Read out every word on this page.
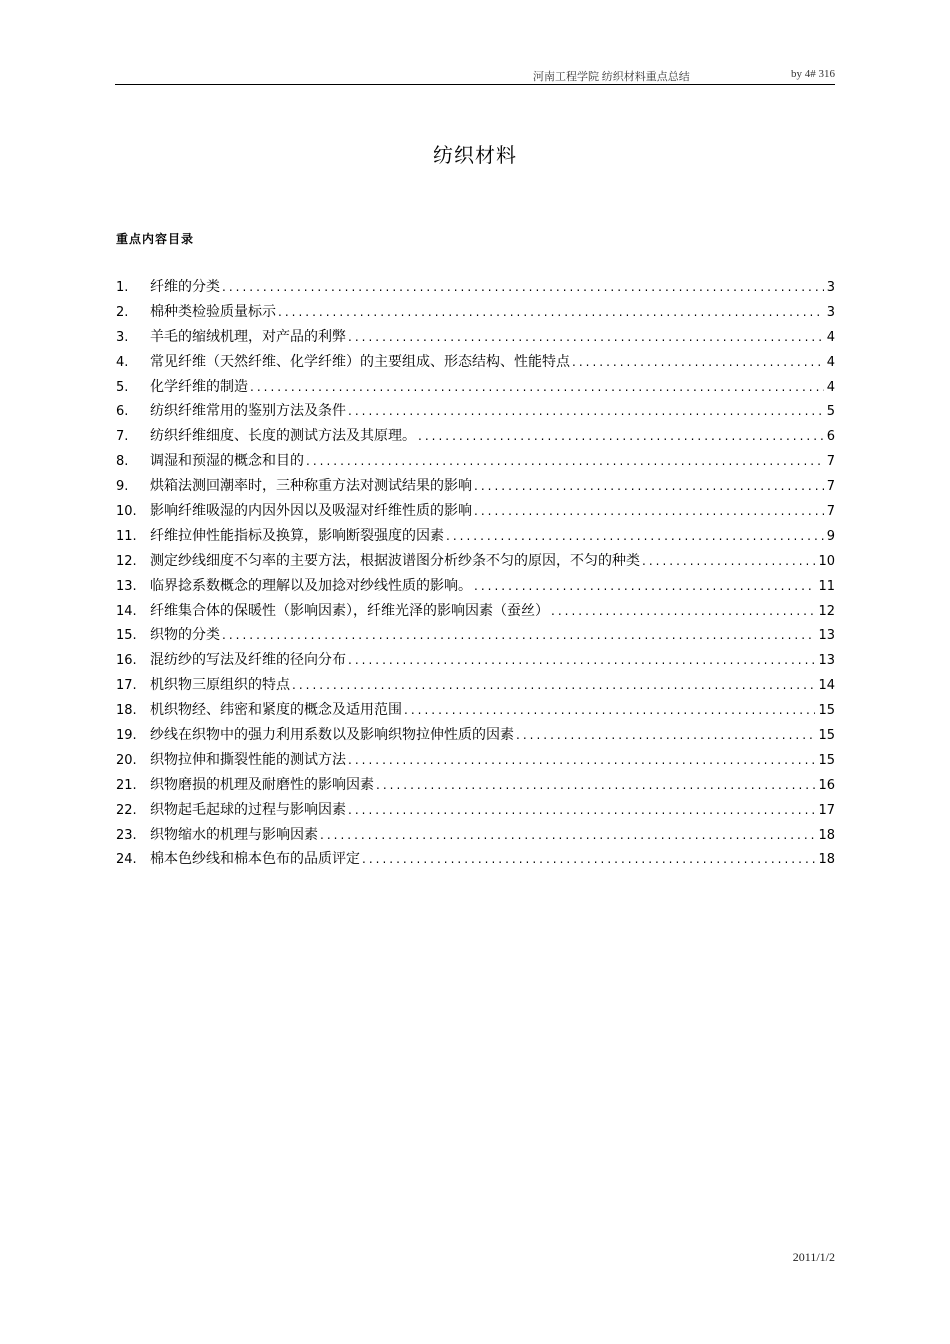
河南工程学院 纺织材料重点总结	by 4# 316
纺织材料
重点内容目录
1.	纤维的分类 .....	3
2.	棉种类检验质量标示 .....	3
3.	羊毛的缩绒机理，对产品的利弊 .....	4
4.	常见纤维（天然纤维、化学纤维）的主要组成、形态结构、性能特点 .....	4
5.	化学纤维的制造 .....	4
6.	纺织纤维常用的鉴别方法及条件 .....	5
7.	纺织纤维细度、长度的测试方法及其原理。 .....	6
8.	调湿和预湿的概念和目的 .....	7
9.	烘箱法测回潮率时，三种称重方法对测试结果的影响 .....	7
10. 影响纤维吸湿的内因外因以及吸湿对纤维性质的影响 .....	7
11. 纤维拉伸性能指标及换算，影响断裂强度的因素 .....	9
12. 测定纱线细度不匀率的主要方法，根据波谱图分析纱条不匀的原因，不匀的种类 .....	10
13. 临界捻系数概念的理解以及加捻对纱线性质的影响。 .....	11
14. 纤维集合体的保暖性（影响因素），纤维光泽的影响因素（蚕丝） .....	12
15. 织物的分类 .....	13
16. 混纺纱的写法及纤维的径向分布 .....	13
17. 机织物三原组织的特点 .....	14
18. 机织物经、纬密和紧度的概念及适用范围 .....	15
19. 纱线在织物中的强力利用系数以及影响织物拉伸性质的因素 .....	15
20. 织物拉伸和撕裂性能的测试方法 .....	15
21. 织物磨损的机理及耐磨性的影响因素 .....	16
22. 织物起毛起球的过程与影响因素 .....	17
23. 织物缩水的机理与影响因素 .....	18
24. 棉本色纱线和棉本色布的品质评定 .....	18
2011/1/2
